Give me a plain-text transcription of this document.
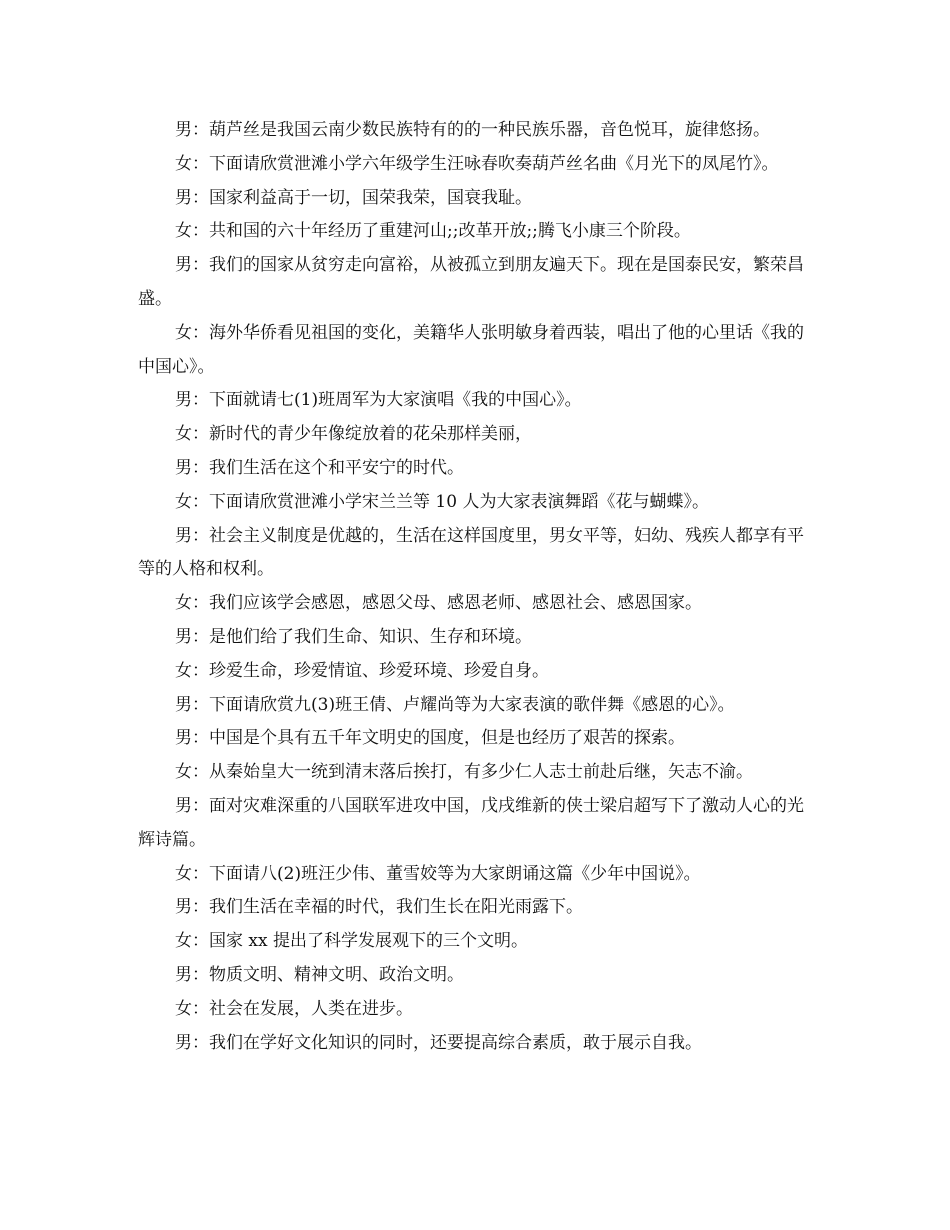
男：葫芦丝是我国云南少数民族特有的的一种民族乐器，音色悦耳，旋律悠扬。

女：下面请欣赏泄滩小学六年级学生汪咏春吹奏葫芦丝名曲《月光下的凤尾竹》。

男：国家利益高于一切，国荣我荣，国衰我耻。

女：共和国的六十年经历了重建河山;;改革开放;;腾飞小康三个阶段。

男：我们的国家从贫穷走向富裕，从被孤立到朋友遍天下。现在是国泰民安，繁荣昌盛。

女：海外华侨看见祖国的变化，美籍华人张明敏身着西装，唱出了他的心里话《我的中国心》。

男：下面就请七(1)班周军为大家演唱《我的中国心》。

女：新时代的青少年像绽放着的花朵那样美丽，

男：我们生活在这个和平安宁的时代。

女：下面请欣赏泄滩小学宋兰兰等 10 人为大家表演舞蹈《花与蝴蝶》。

男：社会主义制度是优越的，生活在这样国度里，男女平等，妇幼、残疾人都享有平等的人格和权利。

女：我们应该学会感恩，感恩父母、感恩老师、感恩社会、感恩国家。

男：是他们给了我们生命、知识、生存和环境。

女：珍爱生命，珍爱情谊、珍爱环境、珍爱自身。

男：下面请欣赏九(3)班王倩、卢耀尚等为大家表演的歌伴舞《感恩的心》。

男：中国是个具有五千年文明史的国度，但是也经历了艰苦的探索。

女：从秦始皇大一统到清末落后挨打，有多少仁人志士前赴后继，矢志不渝。

男：面对灾难深重的八国联军进攻中国，戊戌维新的侠士梁启超写下了激动人心的光辉诗篇。

女：下面请八(2)班汪少伟、董雪姣等为大家朗诵这篇《少年中国说》。

男：我们生活在幸福的时代，我们生长在阳光雨露下。

女：国家 xx 提出了科学发展观下的三个文明。

男：物质文明、精神文明、政治文明。

女：社会在发展，人类在进步。

男：我们在学好文化知识的同时，还要提高综合素质，敢于展示自我。
